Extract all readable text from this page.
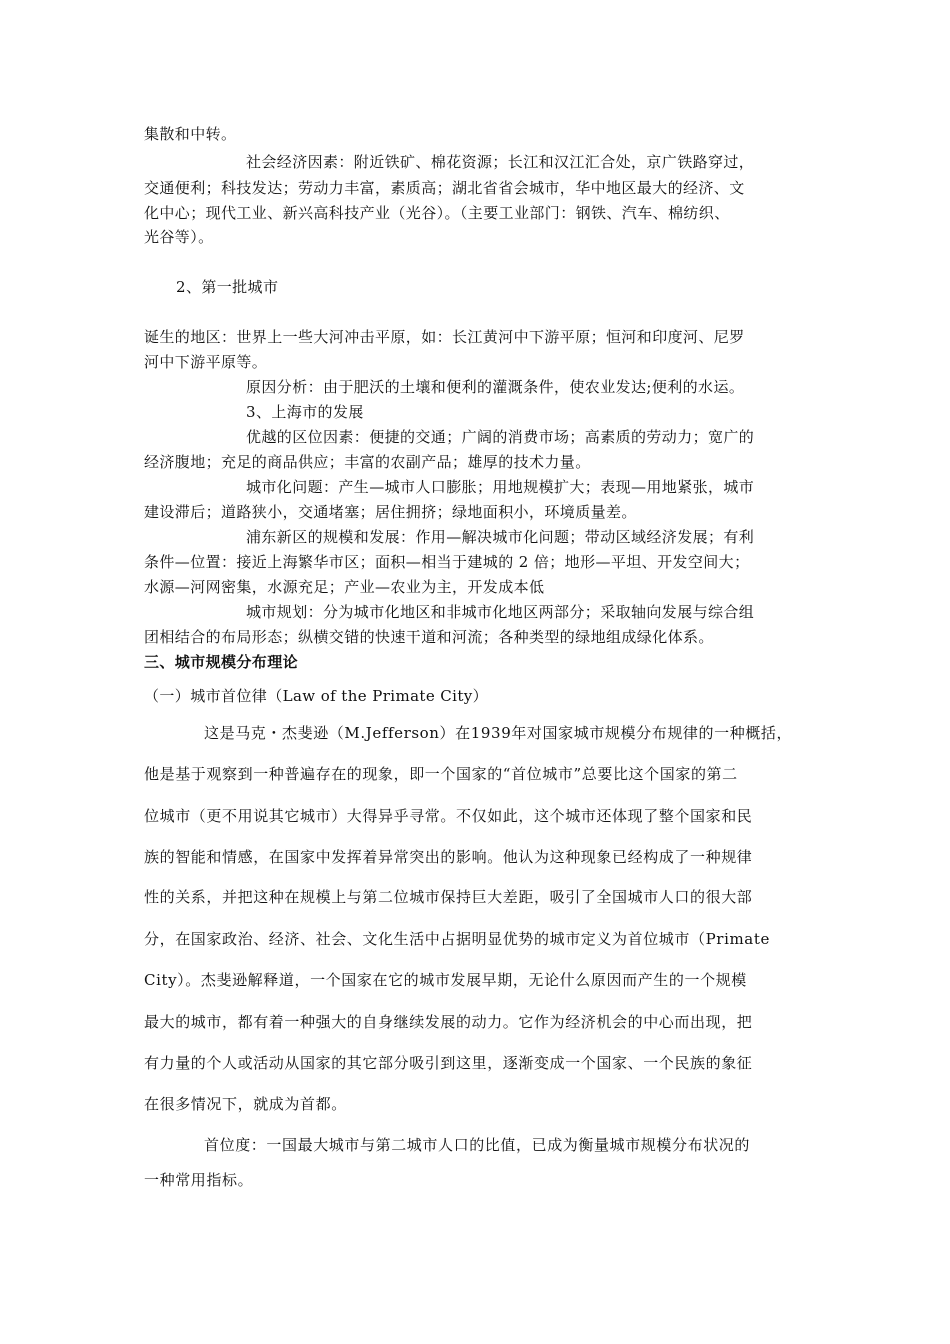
集散和中转。
社会经济因素：附近铁矿、棉花资源；长江和汉江汇合处，京广铁路穿过，
交通便利；科技发达；劳动力丰富，素质高；湖北省省会城市，华中地区最大的经济、文
化中心；现代工业、新兴高科技产业（光谷）。（主要工业部门：钢铁、汽车、棉纺织、
光谷等）。
2、第一批城市
诞生的地区：世界上一些大河冲击平原，如：长江黄河中下游平原；恒河和印度河、尼罗
河中下游平原等。
原因分析：由于肥沃的土壤和便利的灌溉条件，使农业发达;便利的水运。
3、上海市的发展
优越的区位因素：便捷的交通；广阔的消费市场；高素质的劳动力；宽广的
经济腹地；充足的商品供应；丰富的农副产品；雄厚的技术力量。
城市化问题：产生—城市人口膨胀；用地规模扩大；表现—用地紧张，城市
建设滞后；道路狭小，交通堵塞；居住拥挤；绿地面积小，环境质量差。
浦东新区的规模和发展：作用—解决城市化问题；带动区域经济发展；有利
条件—位置：接近上海繁华市区；面积—相当于建城的 2 倍；地形—平坦、开发空间大；
水源—河网密集，水源充足；产业—农业为主，开发成本低
城市规划：分为城市化地区和非城市化地区两部分；采取轴向发展与综合组
团相结合的布局形态；纵横交错的快速干道和河流；各种类型的绿地组成绿化体系。
三、城市规模分布理论
（一）城市首位律（Law of the Primate City）
这是马克・杰斐逊（M.Jefferson）在1939年对国家城市规模分布规律的一种概括，
他是基于观察到一种普遍存在的现象，即一个国家的“首位城市”总要比这个国家的第二
位城市（更不用说其它城市）大得异乎寻常。不仅如此，这个城市还体现了整个国家和民
族的智能和情感，在国家中发挥着异常突出的影响。他认为这种现象已经构成了一种规律
性的关系，并把这种在规模上与第二位城市保持巨大差距，吸引了全国城市人口的很大部
分，在国家政治、经济、社会、文化生活中占据明显优势的城市定义为首位城市（Primate
City）。杰斐逊解释道，一个国家在它的城市发展早期，无论什么原因而产生的一个规模
最大的城市，都有着一种强大的自身继续发展的动力。它作为经济机会的中心而出现，把
有力量的个人或活动从国家的其它部分吸引到这里，逐渐变成一个国家、一个民族的象征
在很多情况下，就成为首都。
首位度：一国最大城市与第二城市人口的比值，已成为衡量城市规模分布状况的
一种常用指标。
